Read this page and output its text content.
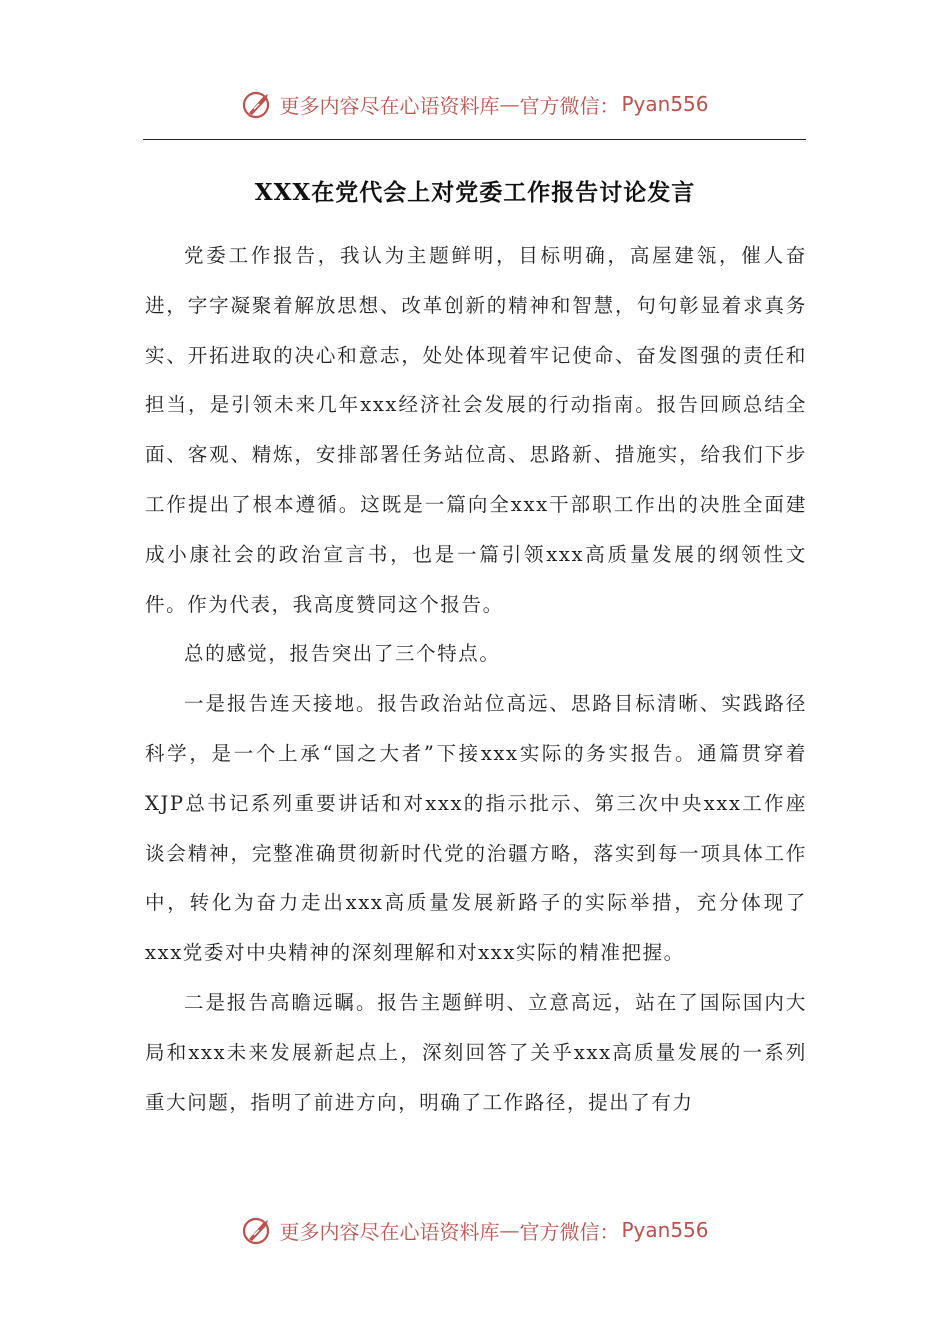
更多内容尽在心语资料库 — 官方微信： Pyan556
XXX在党代会上对党委工作报告讨论发言

党委工作报告，我认为主题鲜明，目标明确，高屋建瓴，催人奋进，字字凝聚着解放思想、改革创新的精神和智慧，句句彰显着求真务实、开拓进取的决心和意志，处处体现着牢记使命、奋发图强的责任和担当，是引领未来几年xxx经济社会发展的行动指南。报告回顾总结全面、客观、精炼，安排部署任务站位高、思路新、措施实，给我们下步工作提出了根本遵循。这既是一篇向全xxx干部职工作出的决胜全面建成小康社会的政治宣言书，也是一篇引领xxx高质量发展的纲领性文件。作为代表，我高度赞同这个报告。

总的感觉，报告突出了三个特点。

一是报告连天接地。报告政治站位高远、思路目标清晰、实践路径科学，是一个上承“国之大者”下接xxx实际的务实报告。通篇贯穿着XJP总书记系列重要讲话和对xxx的指示批示、第三次中央xxx工作座谈会精神，完整准确贯彻新时代党的治疆方略，落实到每一项具体工作中，转化为奋力走出xxx高质量发展新路子的实际举措，充分体现了xxx党委对中央精神的深刻理解和对xxx实际的精准把握。

二是报告高瞻远瞩。报告主题鲜明、立意高远，站在了国际国内大局和xxx未来发展新起点上，深刻回答了关乎xxx高质量发展的一系列重大问题，指明了前进方向，明确了工作路径，提出了有力

更多内容尽在心语资料库 — 官方微信： Pyan556
